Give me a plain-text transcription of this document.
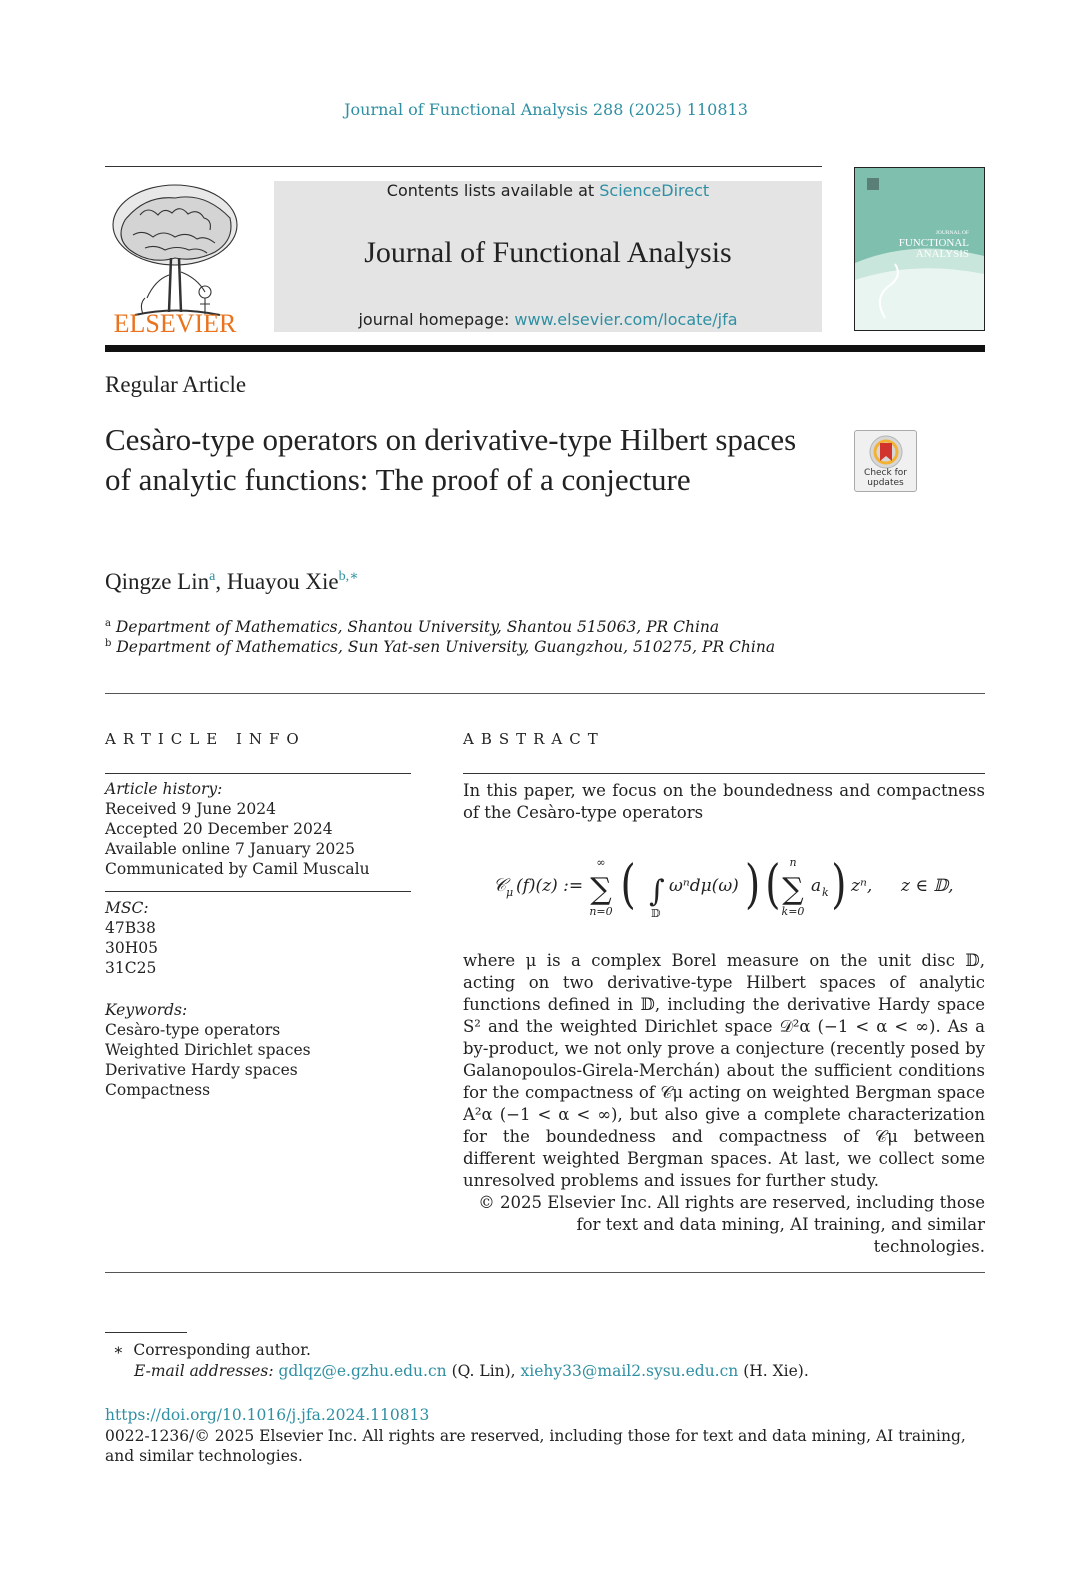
Journal of Functional Analysis 288 (2025) 110813
ELSEVIER
Contents lists available at ScienceDirect
Journal of Functional Analysis
journal homepage: www.elsevier.com/locate/jfa
JOURNAL OF
FUNCTIONAL
ANALYSIS
Regular Article
Cesàro-type operators on derivative-type Hilbert spaces of analytic functions: The proof of a conjecture	Check for
updates
Qingze Lin$^a$, Huayou Xie$^{b,∗}$
$^a$ Department of Mathematics, Shantou University, Shantou 515063, PR China
$^b$ Department of Mathematics, Sun Yat-sen University, Guangzhou, 510275, PR China
ARTICLE INFO
Article history:
Received 9 June 2024
Accepted 20 December 2024
Available online 7 January 2025
Communicated by Camil Muscalu
MSC:
47B38
30H05
31C25
Keywords:
Cesàro-type operators
Weighted Dirichlet spaces
Derivative Hardy spaces
Compactness
ABSTRACT
In this paper, we focus on the boundedness and compactness of the Cesàro-type operators
𝒞 μ (f)(z) :=
∞
∑
n=0 ( ∫
𝔻
ωⁿdμ(ω) ) ( n
∑
k=0
a k ) zⁿ, z ∈ 𝔻,
where μ is a complex Borel measure on the unit disc 𝔻, acting on two derivative-type Hilbert spaces of analytic functions defined in 𝔻, including the derivative Hardy space S² and the weighted Dirichlet space 𝒟²α (−1 < α < ∞). As a by-product, we not only prove a conjecture (recently posed by Galanopoulos-Girela-Merchán) about the sufficient conditions for the compactness of 𝒞μ acting on weighted Bergman space A²α (−1 < α < ∞), but also give a complete characterization for the boundedness and compactness of 𝒞μ between different weighted Bergman spaces. At last, we collect some unresolved problems and issues for further study.
© 2025 Elsevier Inc. All rights are reserved, including those for text and data mining, AI training, and similar technologies.
∗ Corresponding author.
E-mail addresses: gdlqz@e.gzhu.edu.cn (Q. Lin), xiehy33@mail2.sysu.edu.cn (H. Xie).
https://doi.org/10.1016/j.jfa.2024.110813
0022-1236/© 2025 Elsevier Inc. All rights are reserved, including those for text and data mining, AI training, and similar technologies.
